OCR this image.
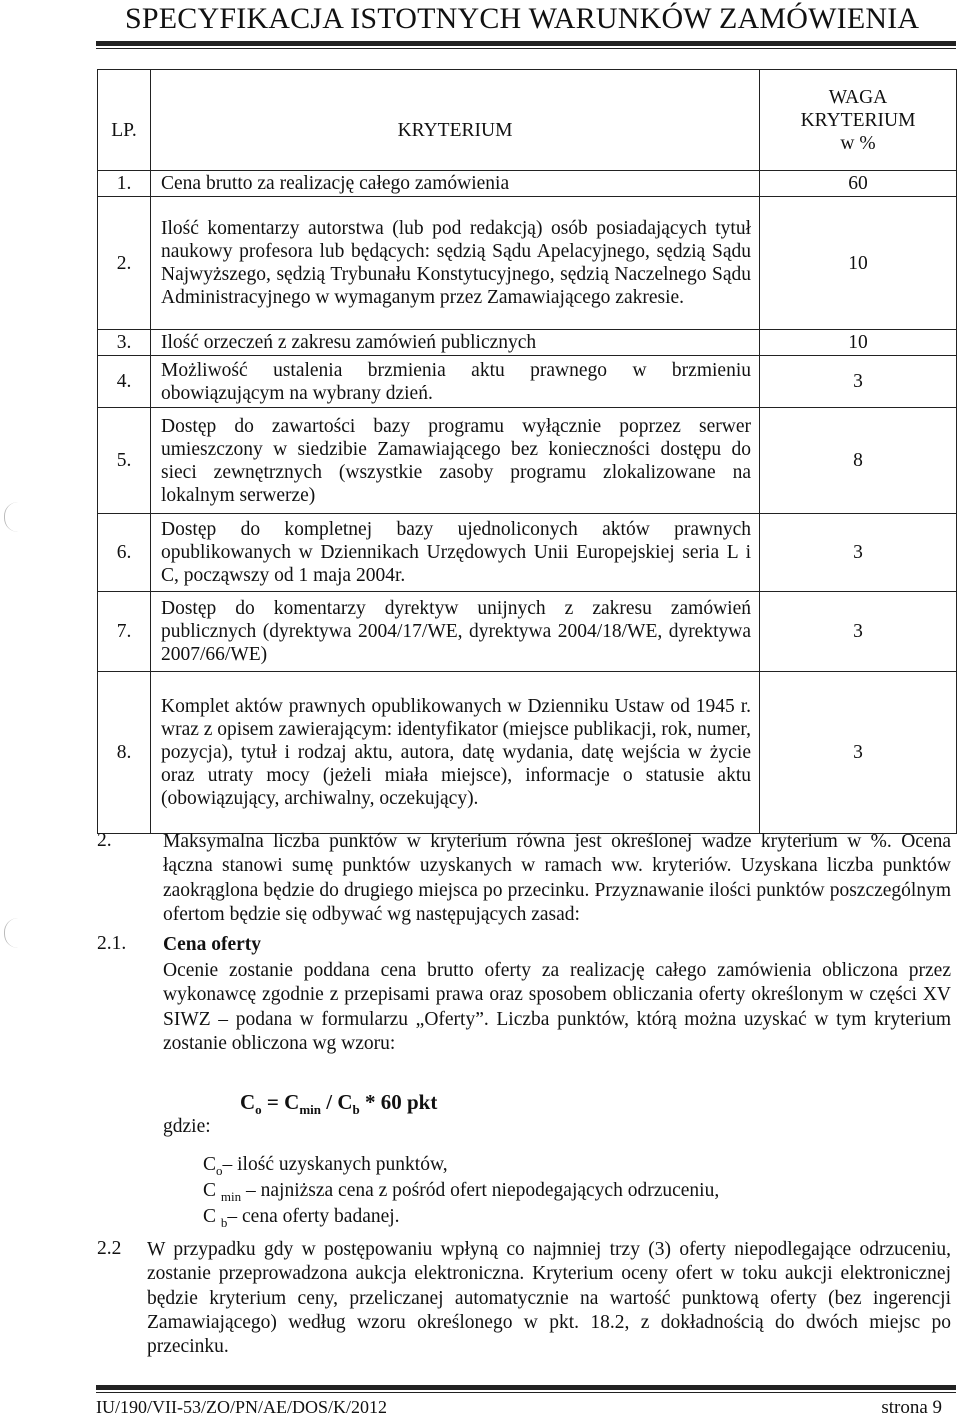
SPECYFIKACJA ISTOTNYCH WARUNKÓW ZAMÓWIENIA
LP.	KRYTERIUM	WAGA
KRYTERIUM
w %

1.	Cena brutto za realizację całego zamówienia	60
2.	Ilość komentarzy autorstwa (lub pod redakcją) osób posiadających tytuł naukowy profesora lub będących: sędzią Sądu Apelacyjnego, sędzią Sądu Najwyższego, sędzią Trybunału Konstytucyjnego, sędzią Naczelnego Sądu Administracyjnego w wymaganym przez Zamawiającego zakresie.	10
3.	Ilość orzeczeń z zakresu zamówień publicznych	10
4.	Możliwość ustalenia brzmienia aktu prawnego w brzmieniu obowiązującym na wybrany dzień.	3
5.	Dostęp do zawartości bazy programu wyłącznie poprzez serwer umieszczony w siedzibie Zamawiającego bez konieczności dostępu do sieci zewnętrznych (wszystkie zasoby programu zlokalizowane na lokalnym serwerze)	8
6.	Dostęp do kompletnej bazy ujednoliconych aktów prawnych opublikowanych w Dziennikach Urzędowych Unii Europejskiej seria L i C, począwszy od 1 maja 2004r.	3
7.	Dostęp do komentarzy dyrektyw unijnych z zakresu zamówień publicznych (dyrektywa 2004/17/WE, dyrektywa 2004/18/WE, dyrektywa 2007/66/WE)	3
8.	Komplet aktów prawnych opublikowanych w Dzienniku Ustaw od 1945 r. wraz z opisem zawierającym: identyfikator (miejsce publikacji, rok, numer, pozycja), tytuł i rodzaj aktu, autora, datę wydania, datę wejścia w życie oraz utraty mocy (jeżeli miała miejsce), informacje o statusie aktu (obowiązujący, archiwalny, oczekujący).	3
2.	Maksymalna liczba punktów w kryterium równa jest określonej wadze kryterium w %. Ocena łączna stanowi sumę punktów uzyskanych w ramach ww. kryteriów. Uzyskana liczba punktów zaokrąglona będzie do drugiego miejsca po przecinku. Przyznawanie ilości punktów poszczególnym ofertom będzie się odbywać wg następujących zasad:
2.1. Cena oferty
Ocenie zostanie poddana cena brutto oferty za realizację całego zamówienia obliczona przez wykonawcę zgodnie z przepisami prawa oraz sposobem obliczania oferty określonym w części XV SIWZ – podana w formularzu „Oferty”. Liczba punktów, którą można uzyskać w tym kryterium zostanie obliczona wg wzoru:
$C_o = C_{min} / C_b * 60$ pkt
gdzie:
$C_o-$ ilość uzyskanych punktów,
C $_{min}$ – najniższa cena z pośród ofert niepodegających odrzuceniu,
C $_b$– cena oferty badanej.
2.2 W przypadku gdy w postępowaniu wpłyną co najmniej trzy (3) oferty niepodlegające odrzuceniu, zostanie przeprowadzona aukcja elektroniczna. Kryterium oceny ofert w toku aukcji elektronicznej będzie kryterium ceny, przeliczanej automatycznie na wartość punktową oferty (bez ingerencji Zamawiającego) według wzoru określonego w pkt. 18.2, z dokładnością do dwóch miejsc po przecinku.
IU/190/VII-53/ZO/PN/AE/DOS/K/2012	strona 9
